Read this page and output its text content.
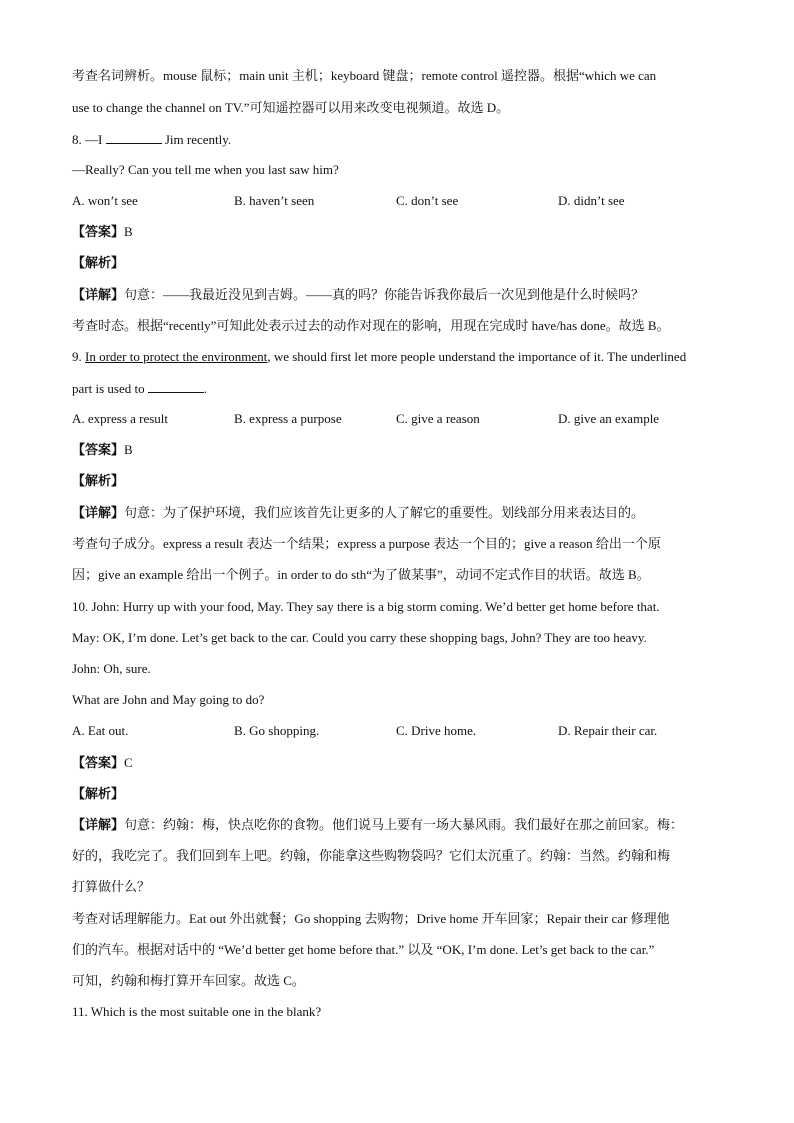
考查名词辨析。mouse 鼠标；main unit 主机；keyboard 键盘；remote control 遥控器。根据“which we can
use to change the channel on TV.”可知遥控器可以用来改变电视频道。故选 D。
8. —I	Jim recently.
—Really? Can you tell me when you last saw him?
A. won’t see	B. haven’t seen	C. don’t see	D. didn’t see
【答案】B
【解析】
【详解】句意：——我最近没见到吉姆。——真的吗？你能告诉我你最后一次见到他是什么时候吗？
考查时态。根据“recently”可知此处表示过去的动作对现在的影响，用现在完成时 have/has done。故选 B。
9. In order to protect the environment, we should first let more people understand the importance of it. The underlined
part is used to	.
A. express a result	B. express a purpose	C. give a reason	D. give an example
【答案】B
【解析】
【详解】句意：为了保护环境，我们应该首先让更多的人了解它的重要性。划线部分用来表达目的。
考查句子成分。express a result 表达一个结果；express a purpose 表达一个目的；give a reason 给出一个原
因；give an example 给出一个例子。in order to do sth“为了做某事”，动词不定式作目的状语。故选 B。
10. John: Hurry up with your food, May. They say there is a big storm coming. We’d better get home before that.
May: OK, I’m done. Let’s get back to the car. Could you carry these shopping bags, John? They are too heavy.
John: Oh, sure.
What are John and May going to do?
A. Eat out.	B. Go shopping.	C. Drive home.	D. Repair their car.
【答案】C
【解析】
【详解】句意：约翰：梅，快点吃你的食物。他们说马上要有一场大暴风雨。我们最好在那之前回家。梅：
好的，我吃完了。我们回到车上吧。约翰，你能拿这些购物袋吗？它们太沉重了。约翰：当然。约翰和梅
打算做什么？
考查对话理解能力。Eat out 外出就餐；Go shopping 去购物；Drive home 开车回家；Repair their car 修理他
们的汽车。根据对话中的 “We’d better get home before that.” 以及 “OK, I’m done. Let’s get back to the car.”
可知，约翰和梅打算开车回家。故选 C。
11. Which is the most suitable one in the blank?
